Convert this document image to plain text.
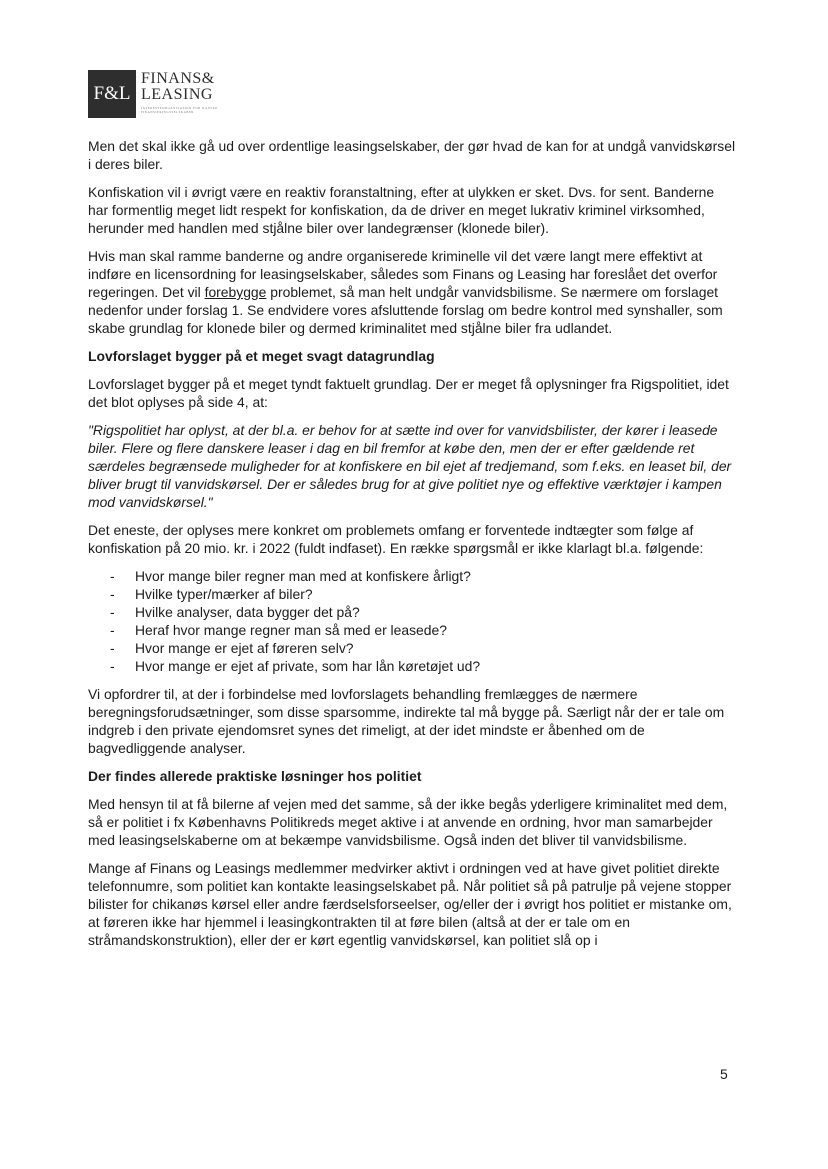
F&L
FINANS&
LEASING
INTERESSEORGANISATION FOR DANSKE FINANSIERINGSSELSKABER

Men det skal ikke gå ud over ordentlige leasingselskaber, der gør hvad de kan for at undgå vanvidskørsel i deres biler.

Konfiskation vil i øvrigt være en reaktiv foranstaltning, efter at ulykken er sket. Dvs. for sent. Banderne har formentlig meget lidt respekt for konfiskation, da de driver en meget lukrativ kriminel virksomhed, herunder med handlen med stjålne biler over landegrænser (klonede biler).

Hvis man skal ramme banderne og andre organiserede kriminelle vil det være langt mere effektivt at indføre en licensordning for leasingselskaber, således som Finans og Leasing har foreslået det overfor regeringen. Det vil forebygge problemet, så man helt undgår vanvidsbilisme. Se nærmere om forslaget nedenfor under forslag 1. Se endvidere vores afsluttende forslag om bedre kontrol med synshaller, som skabe grundlag for klonede biler og dermed kriminalitet med stjålne biler fra udlandet.

Lovforslaget bygger på et meget svagt datagrundlag

Lovforslaget bygger på et meget tyndt faktuelt grundlag. Der er meget få oplysninger fra Rigspolitiet, idet det blot oplyses på side 4, at:

"Rigspolitiet har oplyst, at der bl.a. er behov for at sætte ind over for vanvidsbilister, der kører i leasede biler. Flere og flere danskere leaser i dag en bil fremfor at købe den, men der er efter gældende ret særdeles begrænsede muligheder for at konfiskere en bil ejet af tredjemand, som f.eks. en leaset bil, der bliver brugt til vanvidskørsel. Der er således brug for at give politiet nye og effektive værktøjer i kampen mod vanvidskørsel."

Det eneste, der oplyses mere konkret om problemets omfang er forventede indtægter som følge af konfiskation på 20 mio. kr. i 2022 (fuldt indfaset). En række spørgsmål er ikke klarlagt bl.a. følgende:

- Hvor mange biler regner man med at konfiskere årligt?
- Hvilke typer/mærker af biler?
- Hvilke analyser, data bygger det på?
- Heraf hvor mange regner man så med er leasede?
- Hvor mange er ejet af føreren selv?
- Hvor mange er ejet af private, som har lån køretøjet ud?

Vi opfordrer til, at der i forbindelse med lovforslagets behandling fremlægges de nærmere beregningsforudsætninger, som disse sparsomme, indirekte tal må bygge på. Særligt når der er tale om indgreb i den private ejendomsret synes det rimeligt, at der idet mindste er åbenhed om de bagvedliggende analyser.

Der findes allerede praktiske løsninger hos politiet

Med hensyn til at få bilerne af vejen med det samme, så der ikke begås yderligere kriminalitet med dem, så er politiet i fx Københavns Politikreds meget aktive i at anvende en ordning, hvor man samarbejder med leasingselskaberne om at bekæmpe vanvidsbilisme. Også inden det bliver til vanvidsbilisme.

Mange af Finans og Leasings medlemmer medvirker aktivt i ordningen ved at have givet politiet direkte telefonnumre, som politiet kan kontakte leasingselskabet på. Når politiet så på patrulje på vejene stopper bilister for chikanøs kørsel eller andre færdselsforseelser, og/eller der i øvrigt hos politiet er mistanke om, at føreren ikke har hjemmel i leasingkontrakten til at føre bilen (altså at der er tale om en stråmandskonstruktion), eller der er kørt egentlig vanvidskørsel, kan politiet slå op i

5
